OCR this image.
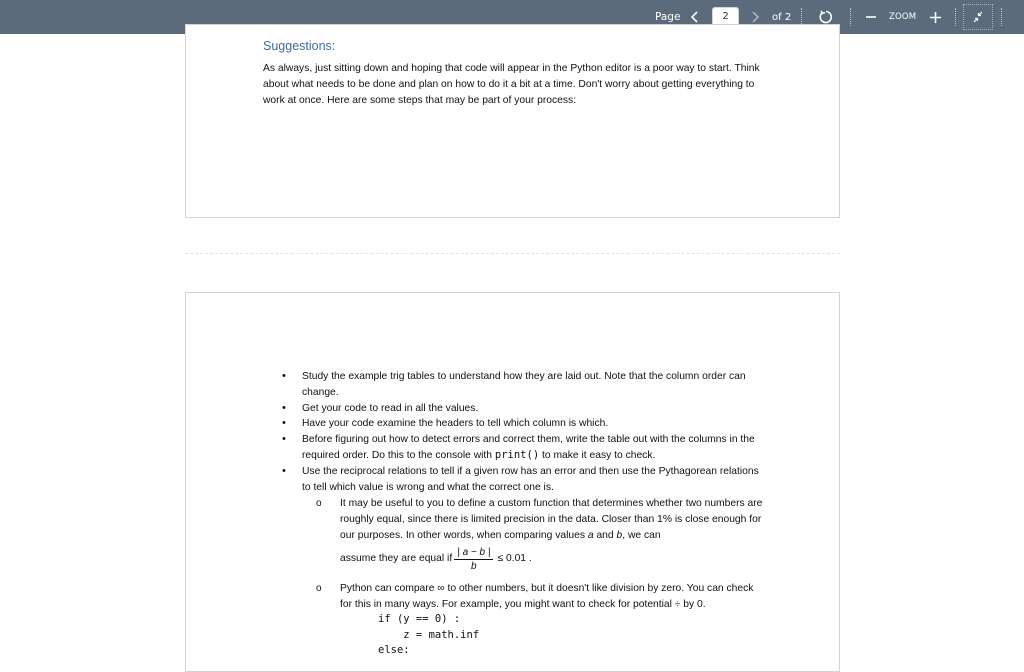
Page	2	of 2	ZOOM
Suggestions:

As always, just sitting down and hoping that code will appear in the Python editor is a poor way to start. Think about what needs to be done and plan on how to do it a bit at a time. Don't worry about getting everything to work at once. Here are some steps that may be part of your process:

• Study the example trig tables to understand how they are laid out. Note that the column order can change.
• Get your code to read in all the values.
• Have your code examine the headers to tell which column is which.
• Before figuring out how to detect errors and correct them, write the table out with the columns in the required order. Do this to the console with print() to make it easy to check.
• Use the reciprocal relations to tell if a given row has an error and then use the Pythagorean relations to tell which value is wrong and what the correct one is.
o It may be useful to you to define a custom function that determines whether two numbers are roughly equal, since there is limited precision in the data. Closer than 1% is close enough for our purposes. In other words, when comparing values a and b, we can
assume they are equal if $\frac{| a - b |}{b} \le 0.01$ .
o Python can compare ∞ to other numbers, but it doesn't like division by zero. You can check for this in many ways. For example, you might want to check for potential ÷ by 0.
if (y == 0) :
z = math.inf
else:
